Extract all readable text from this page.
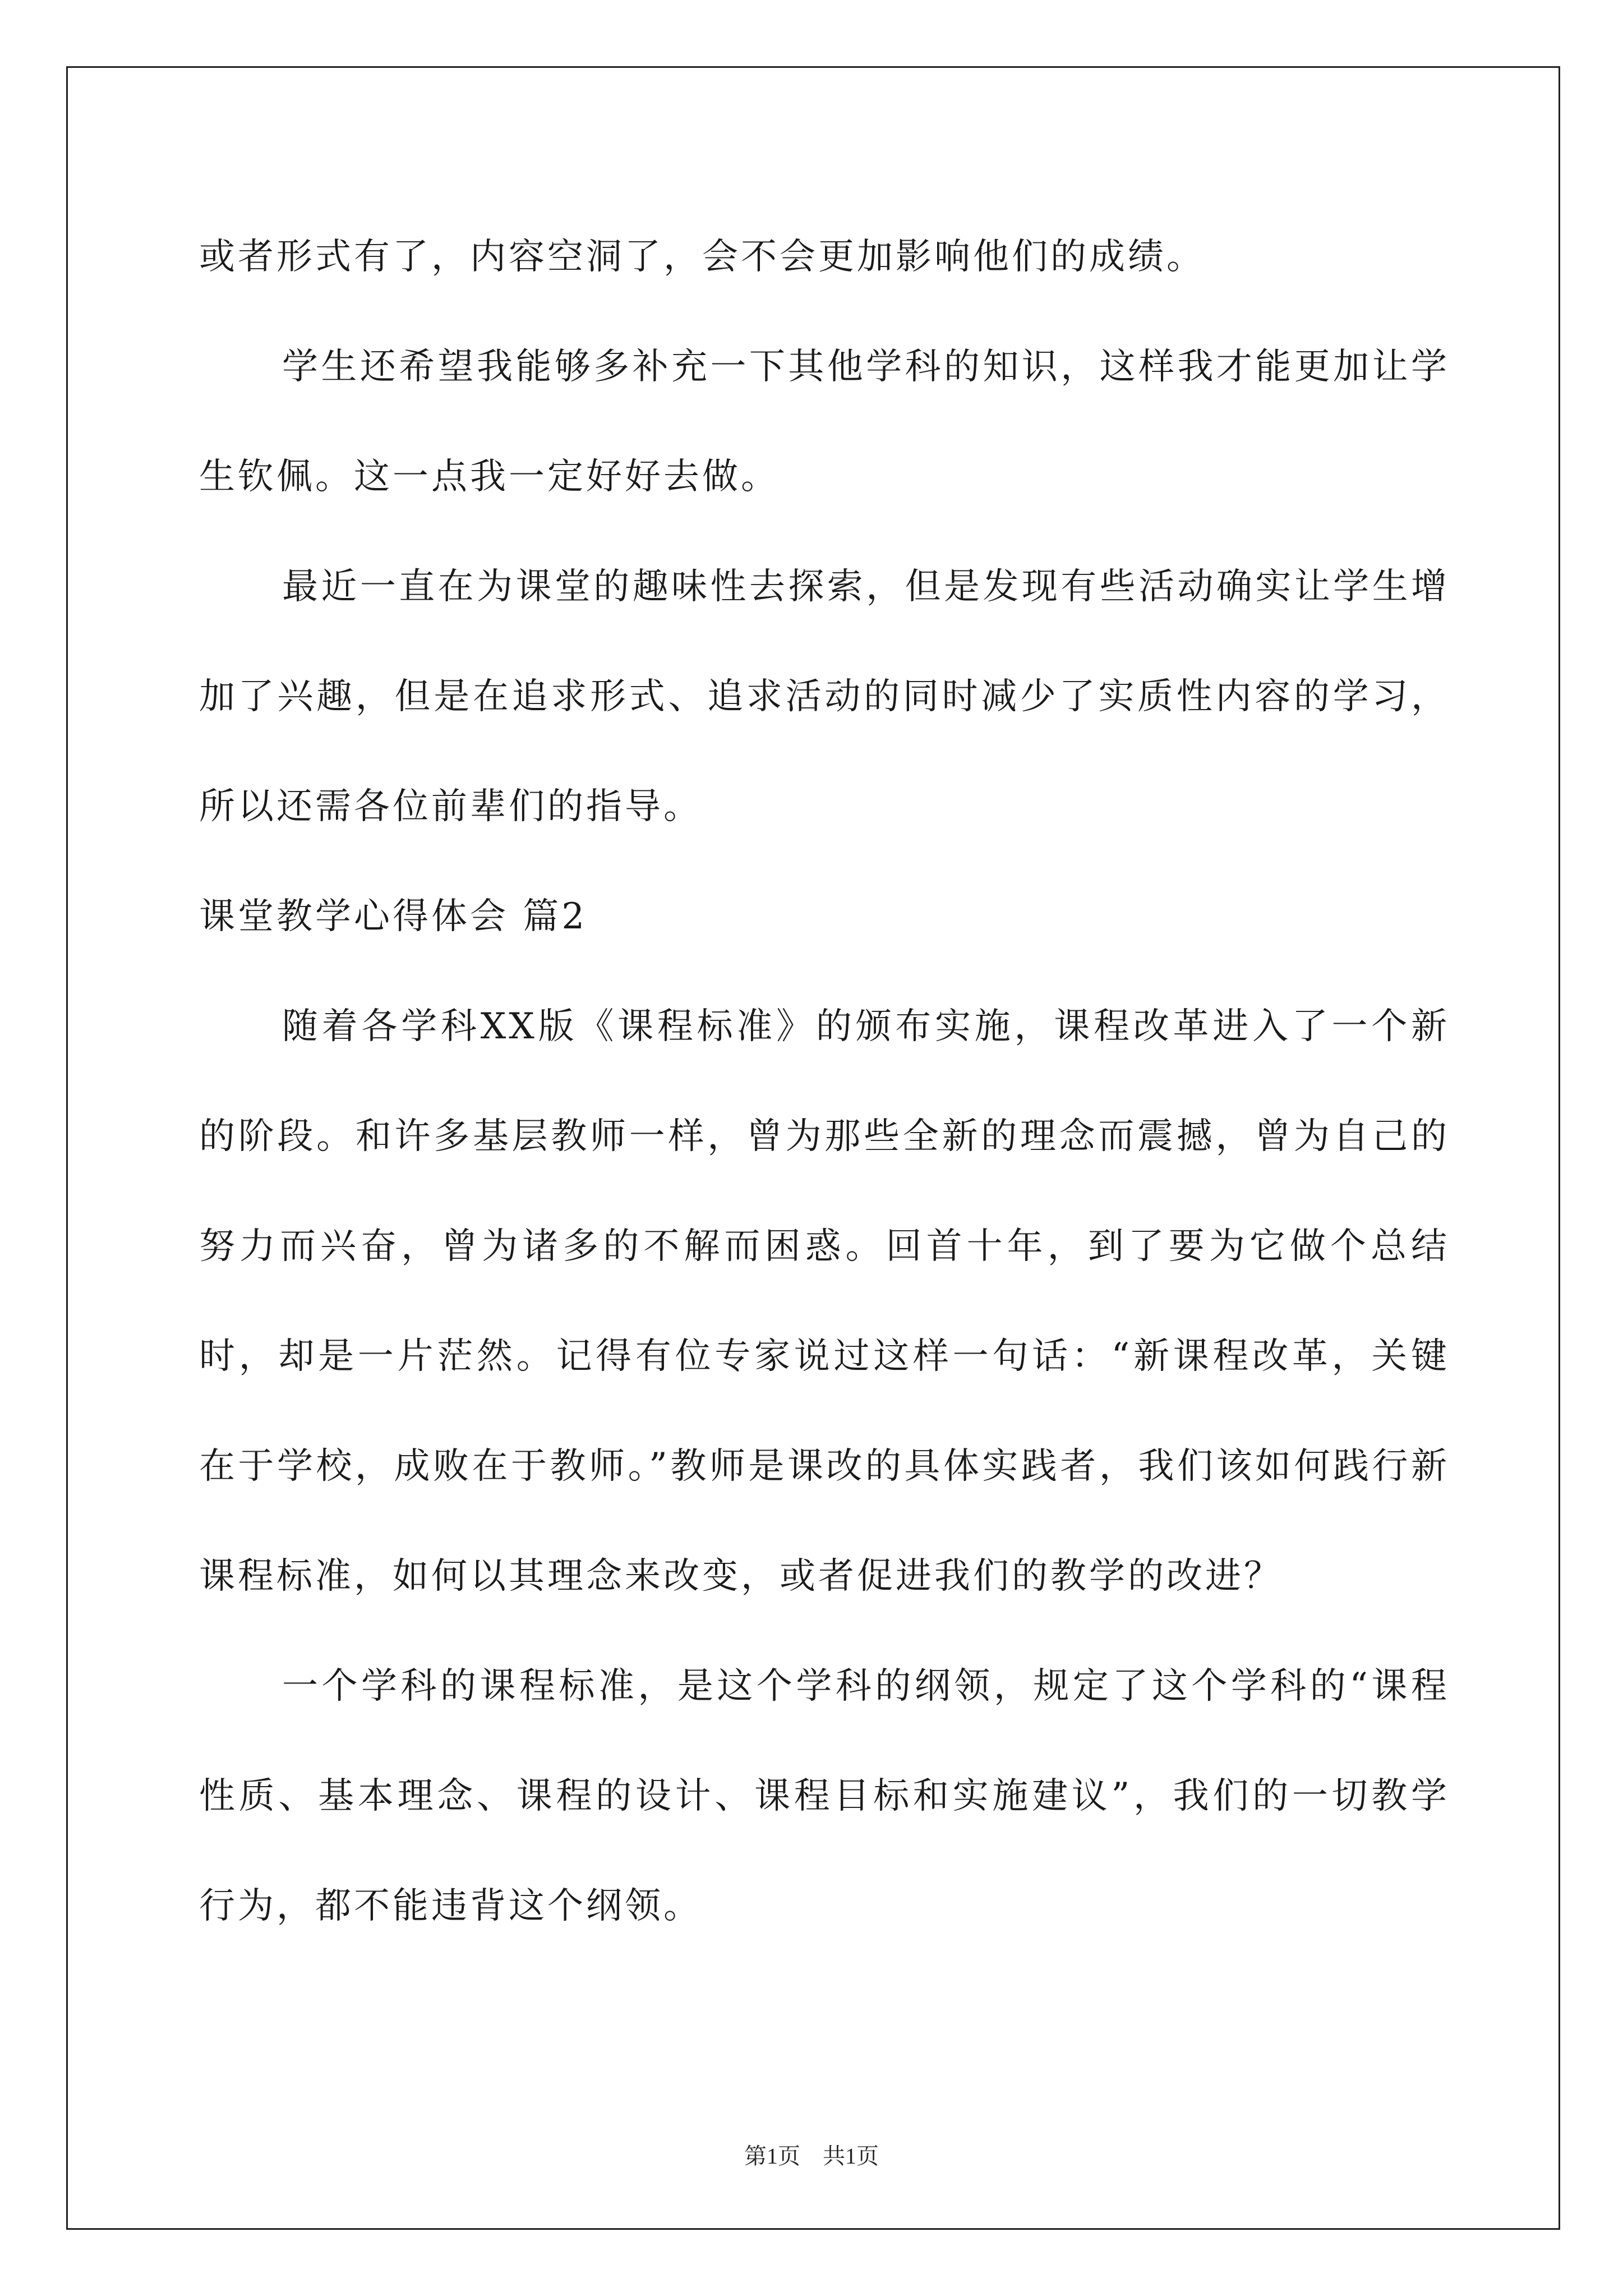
或者形式有了，内容空洞了，会不会更加影响他们的成绩。

学生还希望我能够多补充一下其他学科的知识，这样我才能更加让学生钦佩。这一点我一定好好去做。

最近一直在为课堂的趣味性去探索，但是发现有些活动确实让学生增加了兴趣，但是在追求形式、追求活动的同时减少了实质性内容的学习，所以还需各位前辈们的指导。

课堂教学心得体会 篇2

随着各学科XX版《课程标准》的颁布实施，课程改革进入了一个新的阶段。和许多基层教师一样，曾为那些全新的理念而震撼，曾为自己的努力而兴奋，曾为诸多的不解而困惑。回首十年，到了要为它做个总结时，却是一片茫然。记得有位专家说过这样一句话：“新课程改革，关键在于学校，成败在于教师。”教师是课改的具体实践者，我们该如何践行新课程标准，如何以其理念来改变，或者促进我们的教学的改进？

一个学科的课程标准，是这个学科的纲领，规定了这个学科的“课程性质、基本理念、课程的设计、课程目标和实施建议”，我们的一切教学行为，都不能违背这个纲领。

第1页　共1页
